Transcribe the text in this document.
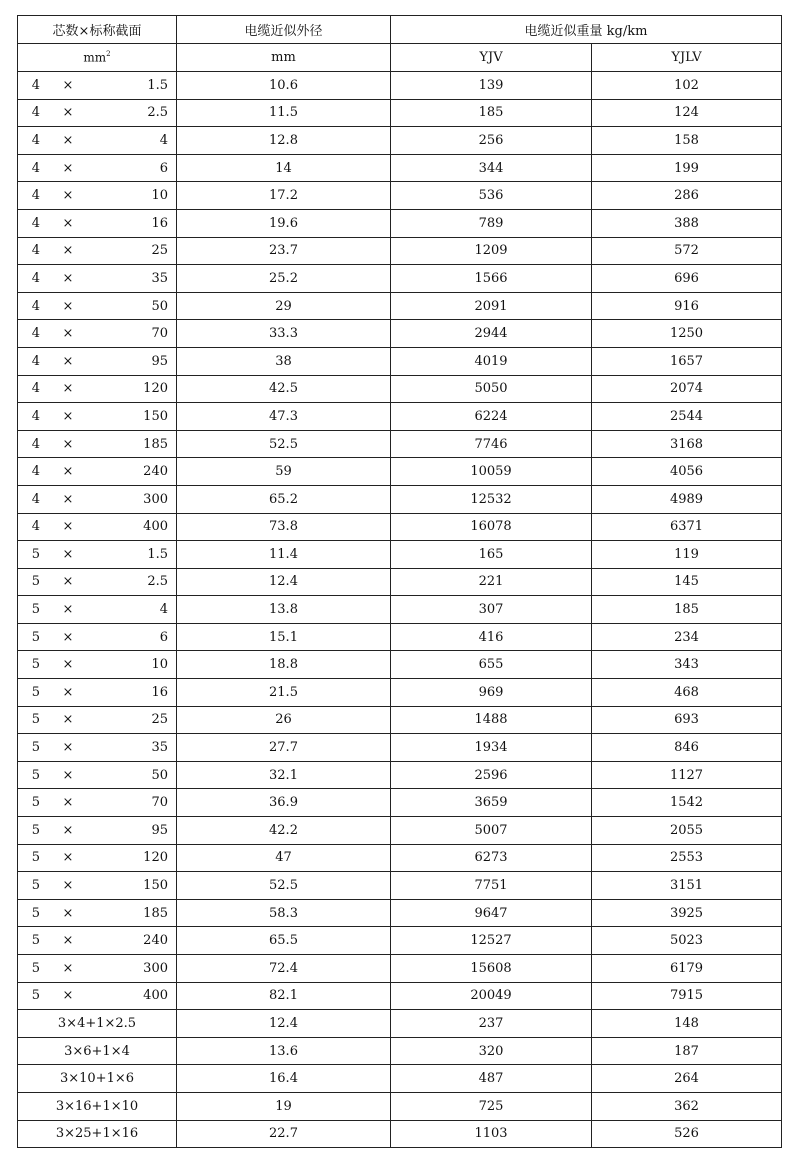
芯数×标称截面	电缆近似外径	电缆近似重量 kg/km	
$mm^2$	mm	YJV	YJLV

4 × 1.5	10.6	139	102

4 × 2.5	11.5	185	124

4 × 4	12.8	256	158

4 × 6	14	344	199

4 × 10	17.2	536	286

4 × 16	19.6	789	388

4 × 25	23.7	1209	572

4 × 35	25.2	1566	696

4 × 50	29	2091	916

4 × 70	33.3	2944	1250

4 × 95	38	4019	1657

4 × 120	42.5	5050	2074

4 × 150	47.3	6224	2544

4 × 185	52.5	7746	3168

4 × 240	59	10059	4056

4 × 300	65.2	12532	4989

4 × 400	73.8	16078	6371

5 × 1.5	11.4	165	119

5 × 2.5	12.4	221	145

5 × 4	13.8	307	185

5 × 6	15.1	416	234

5 × 10	18.8	655	343

5 × 16	21.5	969	468

5 × 25	26	1488	693

5 × 35	27.7	1934	846

5 × 50	32.1	2596	1127

5 × 70	36.9	3659	1542

5 × 95	42.2	5007	2055

5 × 120	47	6273	2553

5 × 150	52.5	7751	3151

5 × 185	58.3	9647	3925

5 × 240	65.5	12527	5023

5 × 300	72.4	15608	6179

5 × 400	82.1	20049	7915
3×4+1×2.5	12.4	237	148
3×6+1×4	13.6	320	187
3×10+1×6	16.4	487	264
3×16+1×10	19	725	362
3×25+1×16	22.7	1103	526
